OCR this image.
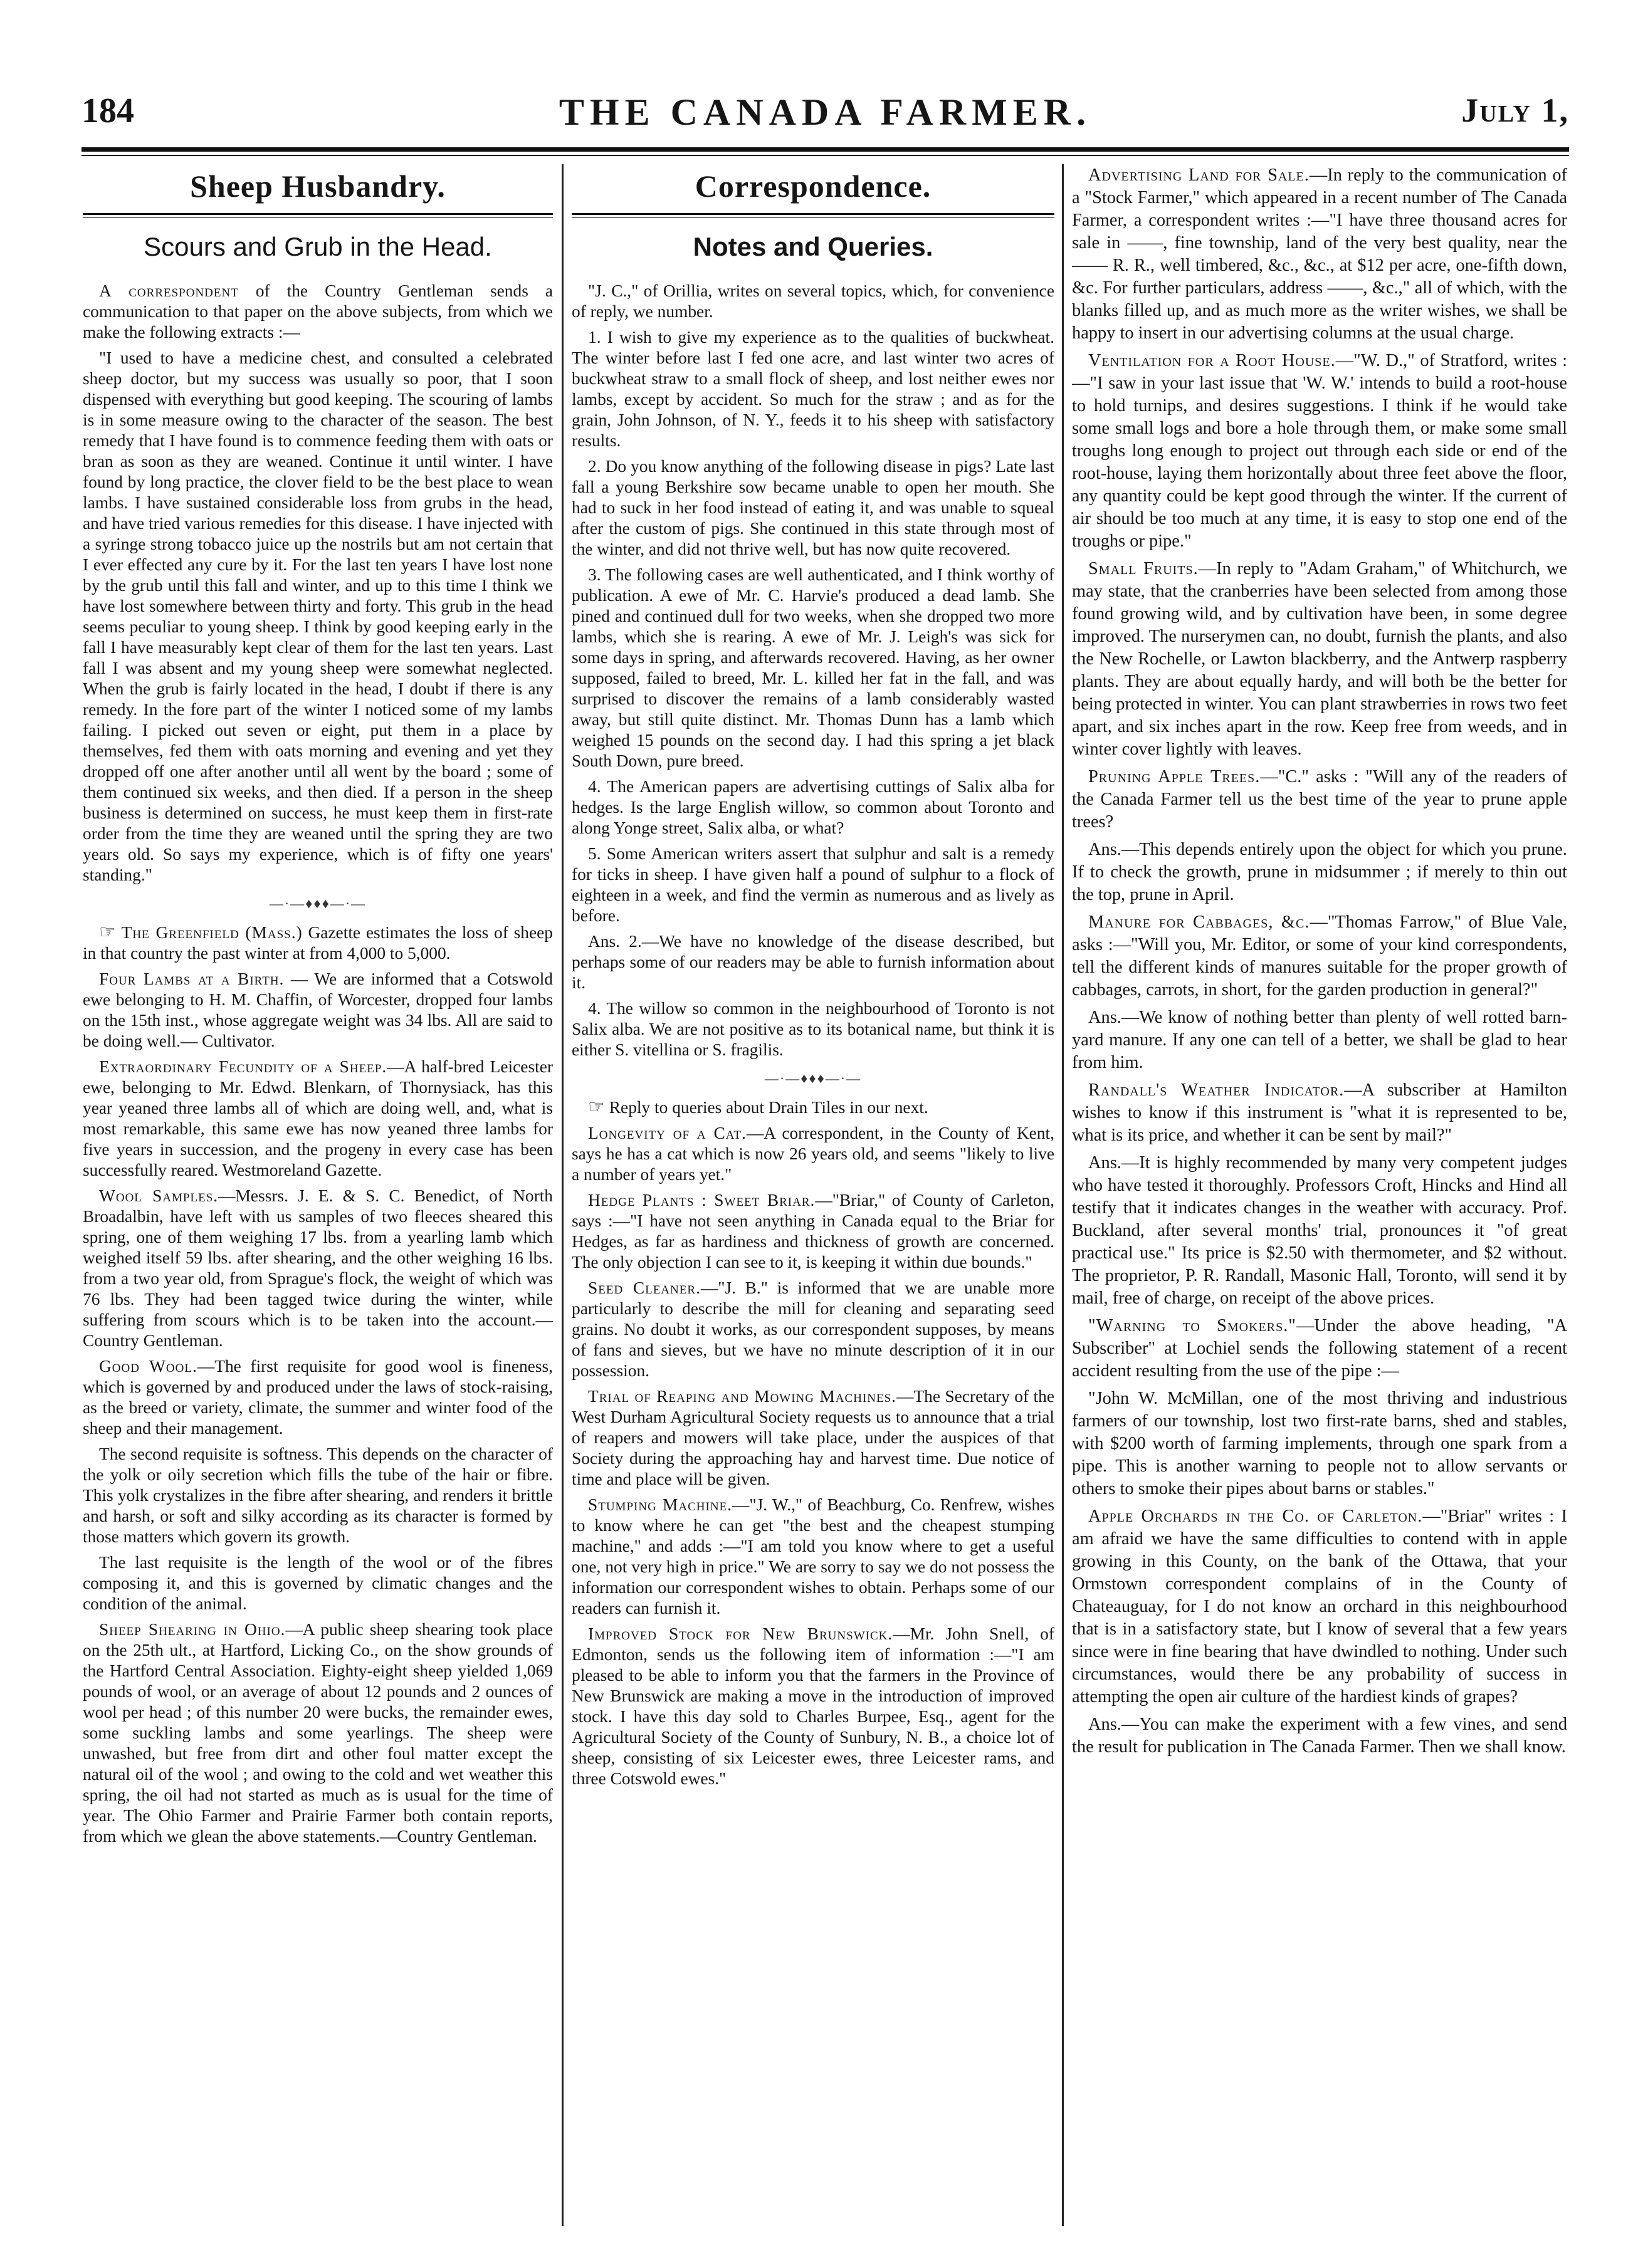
184	THE CANADA FARMER.	July 1,
Sheep Husbandry.
Scours and Grub in the Head.

A correspondent of the Country Gentleman sends a communication to that paper on the above subjects, from which we make the following extracts :—

"I used to have a medicine chest, and consulted a celebrated sheep doctor, but my success was usually so poor, that I soon dispensed with everything but good keeping. The scouring of lambs is in some measure owing to the character of the season. The best remedy that I have found is to commence feeding them with oats or bran as soon as they are weaned. Continue it until winter. I have found by long practice, the clover field to be the best place to wean lambs. I have sustained considerable loss from grubs in the head, and have tried various remedies for this disease. I have injected with a syringe strong tobacco juice up the nostrils but am not certain that I ever effected any cure by it. For the last ten years I have lost none by the grub until this fall and winter, and up to this time I think we have lost somewhere between thirty and forty. This grub in the head seems peculiar to young sheep. I think by good keeping early in the fall I have measurably kept clear of them for the last ten years. Last fall I was absent and my young sheep were somewhat neglected. When the grub is fairly located in the head, I doubt if there is any remedy. In the fore part of the winter I noticed some of my lambs failing. I picked out seven or eight, put them in a place by themselves, fed them with oats morning and evening and yet they dropped off one after another until all went by the board ; some of them continued six weeks, and then died. If a person in the sheep business is determined on success, he must keep them in first-rate order from the time they are weaned until the spring they are two years old. So says my experience, which is of fifty one years' standing."

—·—♦♦♦—·—

☞ The Greenfield (Mass.) Gazette estimates the loss of sheep in that country the past winter at from 4,000 to 5,000.

Four Lambs at a Birth. — We are informed that a Cotswold ewe belonging to H. M. Chaffin, of Worcester, dropped four lambs on the 15th inst., whose aggregate weight was 34 lbs. All are said to be doing well.— Cultivator.

Extraordinary Fecundity of a Sheep.—A half-bred Leicester ewe, belonging to Mr. Edwd. Blenkarn, of Thornysiack, has this year yeaned three lambs all of which are doing well, and, what is most remarkable, this same ewe has now yeaned three lambs for five years in succession, and the progeny in every case has been successfully reared. Westmoreland Gazette.

Wool Samples.—Messrs. J. E. & S. C. Benedict, of North Broadalbin, have left with us samples of two fleeces sheared this spring, one of them weighing 17 lbs. from a yearling lamb which weighed itself 59 lbs. after shearing, and the other weighing 16 lbs. from a two year old, from Sprague's flock, the weight of which was 76 lbs. They had been tagged twice during the winter, while suffering from scours which is to be taken into the account.—Country Gentleman.

Good Wool.—The first requisite for good wool is fineness, which is governed by and produced under the laws of stock-raising, as the breed or variety, climate, the summer and winter food of the sheep and their management.

The second requisite is softness. This depends on the character of the yolk or oily secretion which fills the tube of the hair or fibre. This yolk crystalizes in the fibre after shearing, and renders it brittle and harsh, or soft and silky according as its character is formed by those matters which govern its growth.

The last requisite is the length of the wool or of the fibres composing it, and this is governed by climatic changes and the condition of the animal.

Sheep Shearing in Ohio.—A public sheep shearing took place on the 25th ult., at Hartford, Licking Co., on the show grounds of the Hartford Central Association. Eighty-eight sheep yielded 1,069 pounds of wool, or an average of about 12 pounds and 2 ounces of wool per head ; of this number 20 were bucks, the remainder ewes, some suckling lambs and some yearlings. The sheep were unwashed, but free from dirt and other foul matter except the natural oil of the wool ; and owing to the cold and wet weather this spring, the oil had not started as much as is usual for the time of year. The Ohio Farmer and Prairie Farmer both contain reports, from which we glean the above statements.—Country Gentleman.

Correspondence.
Notes and Queries.

"J. C.," of Orillia, writes on several topics, which, for convenience of reply, we number.

1. I wish to give my experience as to the qualities of buckwheat. The winter before last I fed one acre, and last winter two acres of buckwheat straw to a small flock of sheep, and lost neither ewes nor lambs, except by accident. So much for the straw ; and as for the grain, John Johnson, of N. Y., feeds it to his sheep with satisfactory results.

2. Do you know anything of the following disease in pigs? Late last fall a young Berkshire sow became unable to open her mouth. She had to suck in her food instead of eating it, and was unable to squeal after the custom of pigs. She continued in this state through most of the winter, and did not thrive well, but has now quite recovered.

3. The following cases are well authenticated, and I think worthy of publication. A ewe of Mr. C. Harvie's produced a dead lamb. She pined and continued dull for two weeks, when she dropped two more lambs, which she is rearing. A ewe of Mr. J. Leigh's was sick for some days in spring, and afterwards recovered. Having, as her owner supposed, failed to breed, Mr. L. killed her fat in the fall, and was surprised to discover the remains of a lamb considerably wasted away, but still quite distinct. Mr. Thomas Dunn has a lamb which weighed 15 pounds on the second day. I had this spring a jet black South Down, pure breed.

4. The American papers are advertising cuttings of Salix alba for hedges. Is the large English willow, so common about Toronto and along Yonge street, Salix alba, or what?

5. Some American writers assert that sulphur and salt is a remedy for ticks in sheep. I have given half a pound of sulphur to a flock of eighteen in a week, and find the vermin as numerous and as lively as before.

Ans. 2.—We have no knowledge of the disease described, but perhaps some of our readers may be able to furnish information about it.

4. The willow so common in the neighbourhood of Toronto is not Salix alba. We are not positive as to its botanical name, but think it is either S. vitellina or S. fragilis.

—·—♦♦♦—·—

☞ Reply to queries about Drain Tiles in our next.

Longevity of a Cat.—A correspondent, in the County of Kent, says he has a cat which is now 26 years old, and seems "likely to live a number of years yet."

Hedge Plants : Sweet Briar.—"Briar," of County of Carleton, says :—"I have not seen anything in Canada equal to the Briar for Hedges, as far as hardiness and thickness of growth are concerned. The only objection I can see to it, is keeping it within due bounds."

Seed Cleaner.—"J. B." is informed that we are unable more particularly to describe the mill for cleaning and separating seed grains. No doubt it works, as our correspondent supposes, by means of fans and sieves, but we have no minute description of it in our possession.

Trial of Reaping and Mowing Machines.—The Secretary of the West Durham Agricultural Society requests us to announce that a trial of reapers and mowers will take place, under the auspices of that Society during the approaching hay and harvest time. Due notice of time and place will be given.

Stumping Machine.—"J. W.," of Beachburg, Co. Renfrew, wishes to know where he can get "the best and the cheapest stumping machine," and adds :—"I am told you know where to get a useful one, not very high in price." We are sorry to say we do not possess the information our correspondent wishes to obtain. Perhaps some of our readers can furnish it.

Improved Stock for New Brunswick.—Mr. John Snell, of Edmonton, sends us the following item of information :—"I am pleased to be able to inform you that the farmers in the Province of New Brunswick are making a move in the introduction of improved stock. I have this day sold to Charles Burpee, Esq., agent for the Agricultural Society of the County of Sunbury, N. B., a choice lot of sheep, consisting of six Leicester ewes, three Leicester rams, and three Cotswold ewes."

Advertising Land for Sale.—In reply to the communication of a "Stock Farmer," which appeared in a recent number of The Canada Farmer, a correspondent writes :—"I have three thousand acres for sale in ——, fine township, land of the very best quality, near the —— R. R., well timbered, &c., &c., at $12 per acre, one-fifth down, &c. For further particulars, address ——, &c.," all of which, with the blanks filled up, and as much more as the writer wishes, we shall be happy to insert in our advertising columns at the usual charge.

Ventilation for a Root House.—"W. D.," of Stratford, writes :—"I saw in your last issue that 'W. W.' intends to build a root-house to hold turnips, and desires suggestions. I think if he would take some small logs and bore a hole through them, or make some small troughs long enough to project out through each side or end of the root-house, laying them horizontally about three feet above the floor, any quantity could be kept good through the winter. If the current of air should be too much at any time, it is easy to stop one end of the troughs or pipe."

Small Fruits.—In reply to "Adam Graham," of Whitchurch, we may state, that the cranberries have been selected from among those found growing wild, and by cultivation have been, in some degree improved. The nurserymen can, no doubt, furnish the plants, and also the New Rochelle, or Lawton blackberry, and the Antwerp raspberry plants. They are about equally hardy, and will both be the better for being protected in winter. You can plant strawberries in rows two feet apart, and six inches apart in the row. Keep free from weeds, and in winter cover lightly with leaves.

Pruning Apple Trees.—"C." asks : "Will any of the readers of the Canada Farmer tell us the best time of the year to prune apple trees?

Ans.—This depends entirely upon the object for which you prune. If to check the growth, prune in midsummer ; if merely to thin out the top, prune in April.

Manure for Cabbages, &c.—"Thomas Farrow," of Blue Vale, asks :—"Will you, Mr. Editor, or some of your kind correspondents, tell the different kinds of manures suitable for the proper growth of cabbages, carrots, in short, for the garden production in general?"

Ans.—We know of nothing better than plenty of well rotted barn-yard manure. If any one can tell of a better, we shall be glad to hear from him.

Randall's Weather Indicator.—A subscriber at Hamilton wishes to know if this instrument is "what it is represented to be, what is its price, and whether it can be sent by mail?"

Ans.—It is highly recommended by many very competent judges who have tested it thoroughly. Professors Croft, Hincks and Hind all testify that it indicates changes in the weather with accuracy. Prof. Buckland, after several months' trial, pronounces it "of great practical use." Its price is $2.50 with thermometer, and $2 without. The proprietor, P. R. Randall, Masonic Hall, Toronto, will send it by mail, free of charge, on receipt of the above prices.

"Warning to Smokers."—Under the above heading, "A Subscriber" at Lochiel sends the following statement of a recent accident resulting from the use of the pipe :—

"John W. McMillan, one of the most thriving and industrious farmers of our township, lost two first-rate barns, shed and stables, with $200 worth of farming implements, through one spark from a pipe. This is another warning to people not to allow servants or others to smoke their pipes about barns or stables."

Apple Orchards in the Co. of Carleton.—"Briar" writes : I am afraid we have the same difficulties to contend with in apple growing in this County, on the bank of the Ottawa, that your Ormstown correspondent complains of in the County of Chateauguay, for I do not know an orchard in this neighbourhood that is in a satisfactory state, but I know of several that a few years since were in fine bearing that have dwindled to nothing. Under such circumstances, would there be any probability of success in attempting the open air culture of the hardiest kinds of grapes?

Ans.—You can make the experiment with a few vines, and send the result for publication in The Canada Farmer. Then we shall know.
